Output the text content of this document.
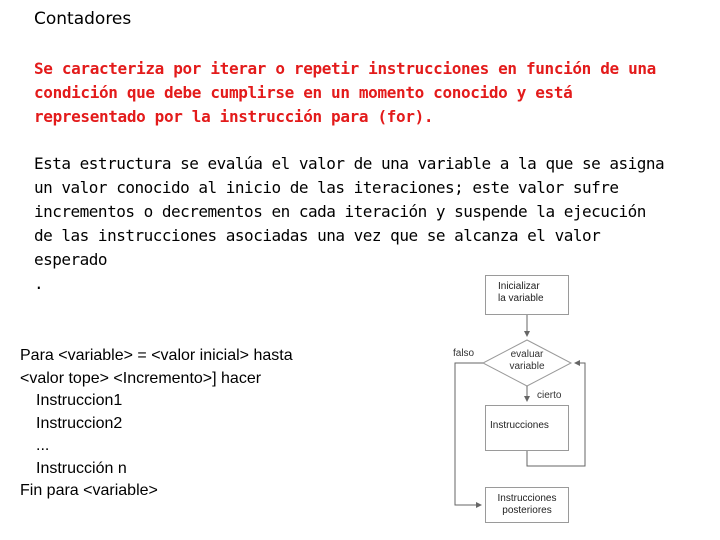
Contadores

Se caracteriza por iterar o repetir instrucciones en función de una
condición que debe cumplirse en un momento conocido y está
representado por la instrucción para (for).

Esta estructura se evalúa el valor de una variable a la que se asigna
un valor conocido al inicio de las iteraciones; este valor sufre
incrementos o decrementos en cada iteración y suspende la ejecución
de las instrucciones asociadas una vez que se alcanza el valor
esperado
.

Para <variable> = <valor inicial> hasta
<valor tope> <Incremento>] hacer
Instruccion1
Instruccion2
...
Instrucción n
Fin para <variable>
Inicializar
la variable
evaluar
variable
falso
cierto
Instrucciones
Instrucciones
posteriores
